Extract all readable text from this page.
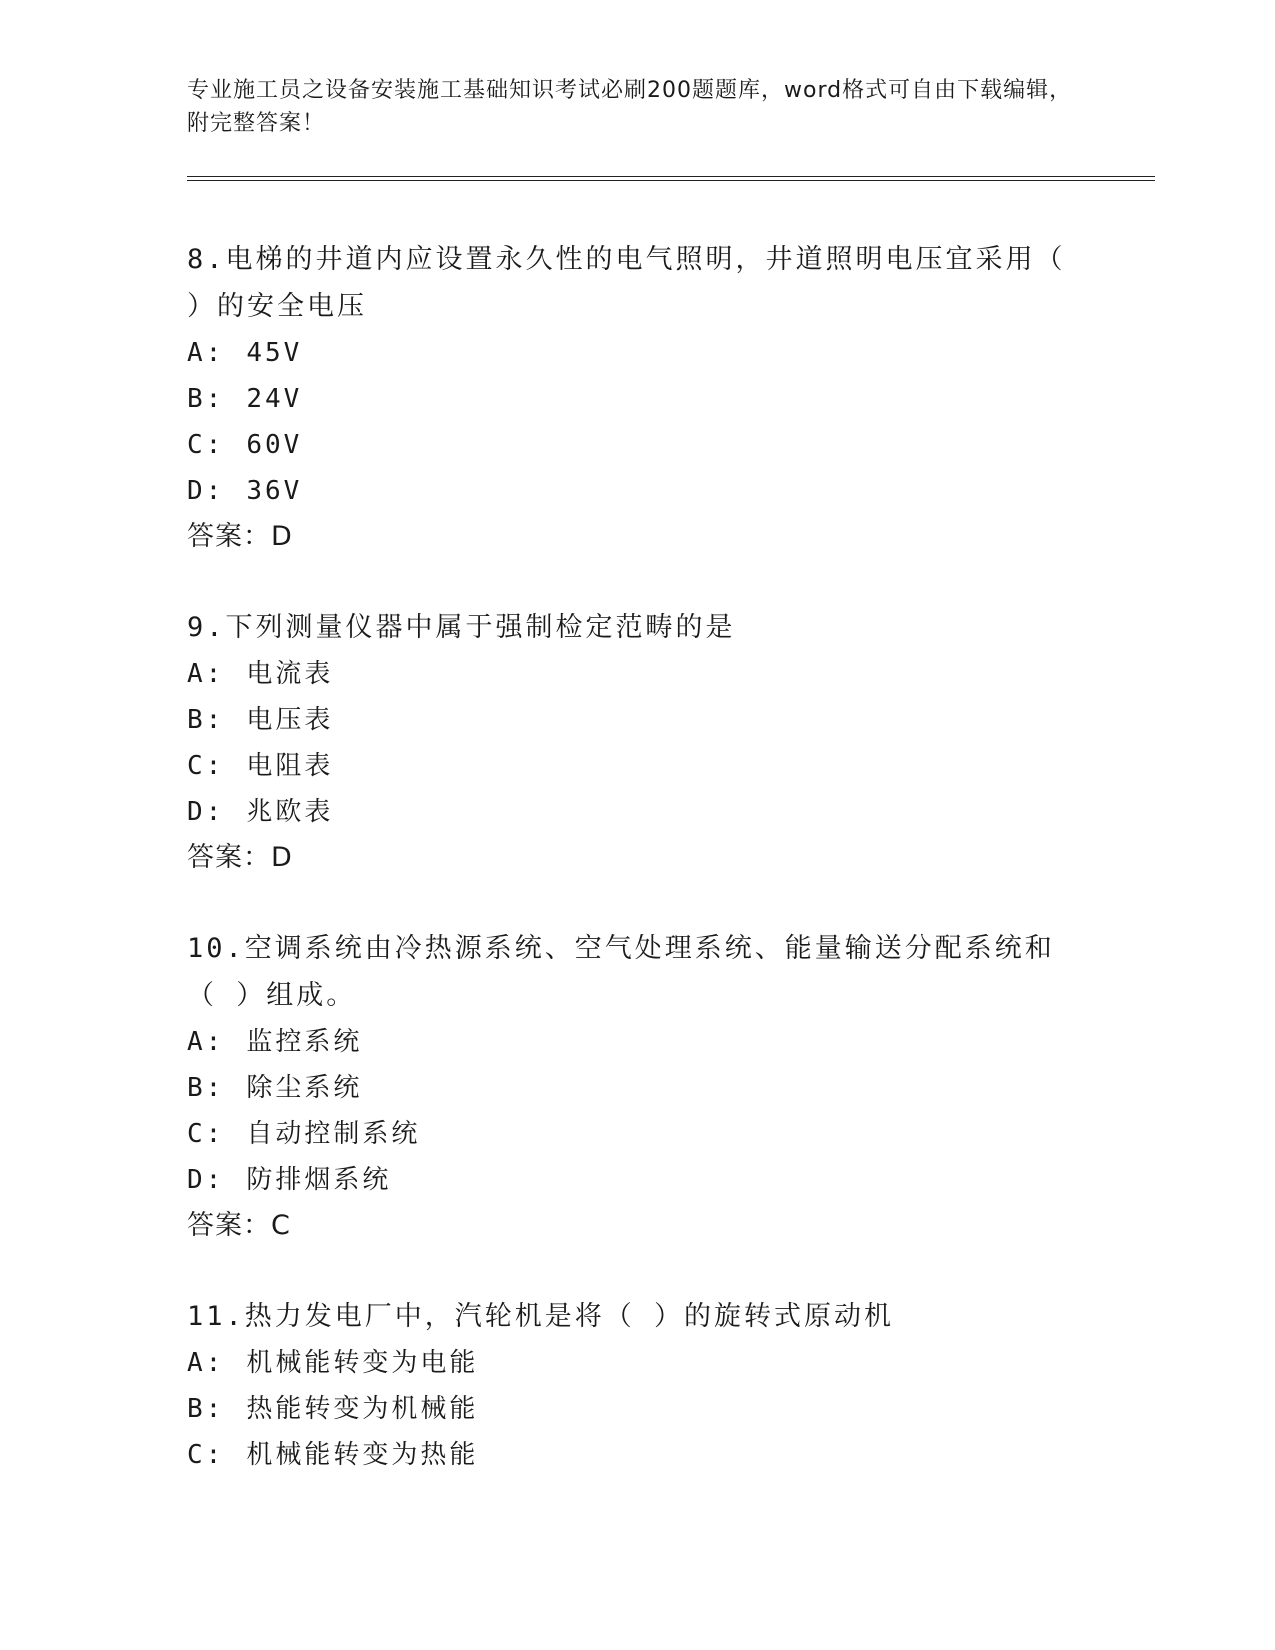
专业施工员之设备安装施工基础知识考试必刷200题题库，word格式可自由下载编辑，附完整答案！
8.电梯的井道内应设置永久性的电气照明，井道照明电压宜采用（ ）的安全电压
A: 45V
B: 24V
C: 60V
D: 36V
答案：D
9.下列测量仪器中属于强制检定范畴的是
A: 电流表
B: 电压表
C: 电阻表
D: 兆欧表
答案：D
10.空调系统由冷热源系统、空气处理系统、能量输送分配系统和（ ）组成。
A: 监控系统
B: 除尘系统
C: 自动控制系统
D: 防排烟系统
答案：C
11.热力发电厂中，汽轮机是将（ ）的旋转式原动机
A: 机械能转变为电能
B: 热能转变为机械能
C: 机械能转变为热能
